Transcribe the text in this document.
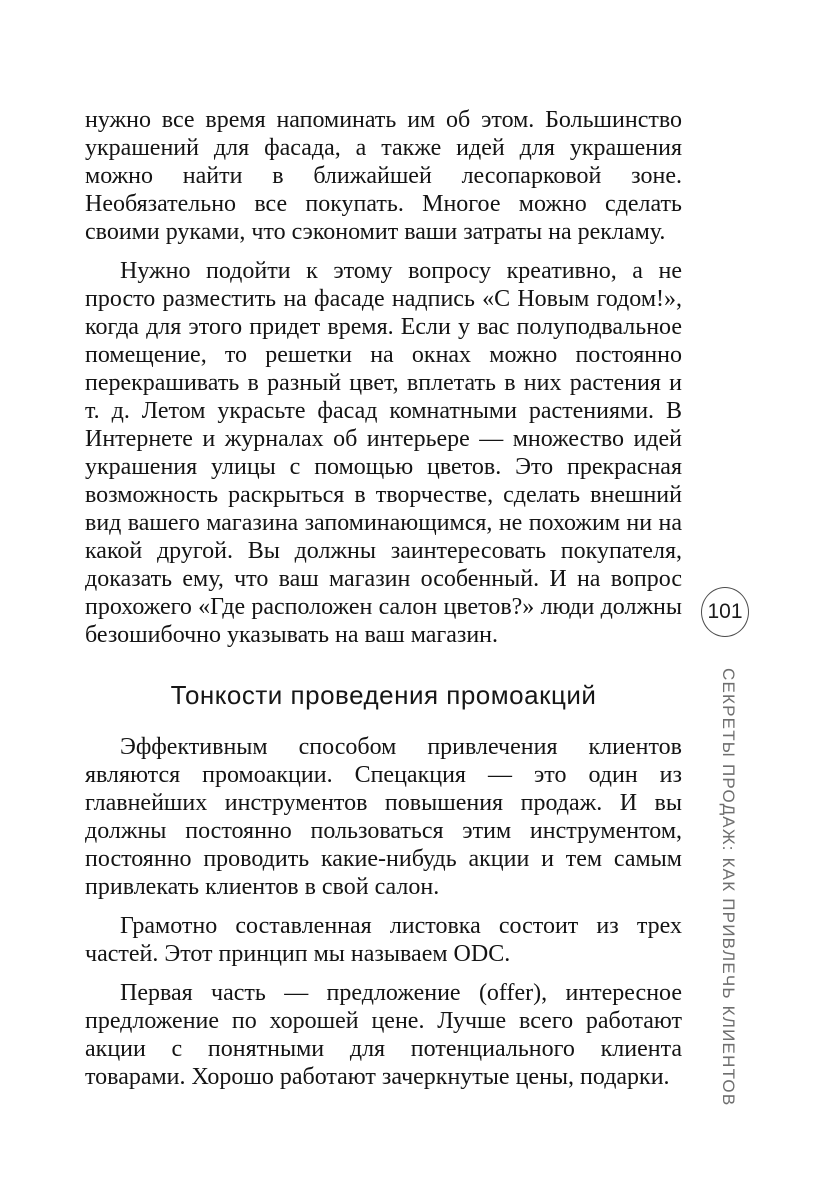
нужно все время напоминать им об этом. Большинство украшений для фасада, а также идей для украшения можно найти в ближайшей лесопарковой зоне. Необязательно все покупать. Многое можно сделать своими руками, что сэкономит ваши затраты на рекламу.

Нужно подойти к этому вопросу креативно, а не просто разместить на фасаде надпись «С Новым годом!», когда для этого придет время. Если у вас полуподвальное помещение, то решетки на окнах можно постоянно перекрашивать в разный цвет, вплетать в них растения и т. д. Летом украсьте фасад комнатными растениями. В Интернете и журналах об интерьере — множество идей украшения улицы с помощью цветов. Это прекрасная возможность раскрыться в творчестве, сделать внешний вид вашего магазина запоминающимся, не похожим ни на какой другой. Вы должны заинтересовать покупателя, доказать ему, что ваш магазин особенный. И на вопрос прохожего «Где расположен салон цветов?» люди должны безошибочно указывать на ваш магазин.

Тонкости проведения промоакций

Эффективным способом привлечения клиентов являются промоакции. Спецакция — это один из главнейших инструментов повышения продаж. И вы должны постоянно пользоваться этим инструментом, постоянно проводить какие-нибудь акции и тем самым привлекать клиентов в свой салон.

Грамотно составленная листовка состоит из трех частей. Этот принцип мы называем ODC.

Первая часть — предложение (offer), интересное предложение по хорошей цене. Лучше всего работают акции с понятными для потенциального клиента товарами. Хорошо работают зачеркнутые цены, подарки.

101
СЕКРЕТЫ ПРОДАЖ: КАК ПРИВЛЕЧЬ КЛИЕНТОВ
